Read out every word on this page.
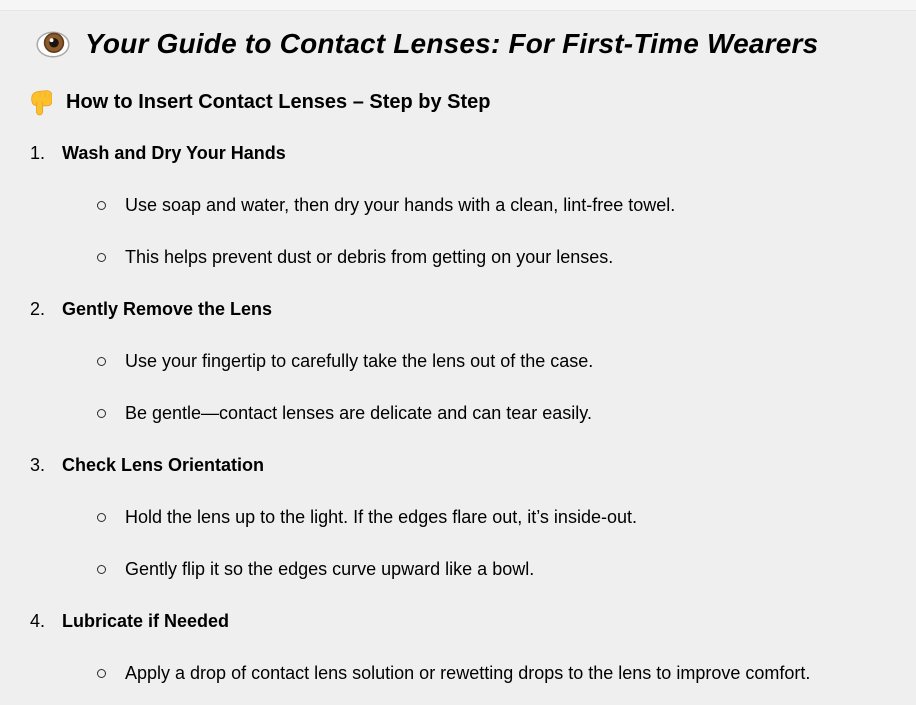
Your Guide to Contact Lenses: For First-Time Wearers
How to Insert Contact Lenses – Step by Step
1. Wash and Dry Your Hands
Use soap and water, then dry your hands with a clean, lint-free towel.
This helps prevent dust or debris from getting on your lenses.
2. Gently Remove the Lens
Use your fingertip to carefully take the lens out of the case.
Be gentle—contact lenses are delicate and can tear easily.
3. Check Lens Orientation
Hold the lens up to the light. If the edges flare out, it’s inside-out.
Gently flip it so the edges curve upward like a bowl.
4. Lubricate if Needed
Apply a drop of contact lens solution or rewetting drops to the lens to improve comfort.
